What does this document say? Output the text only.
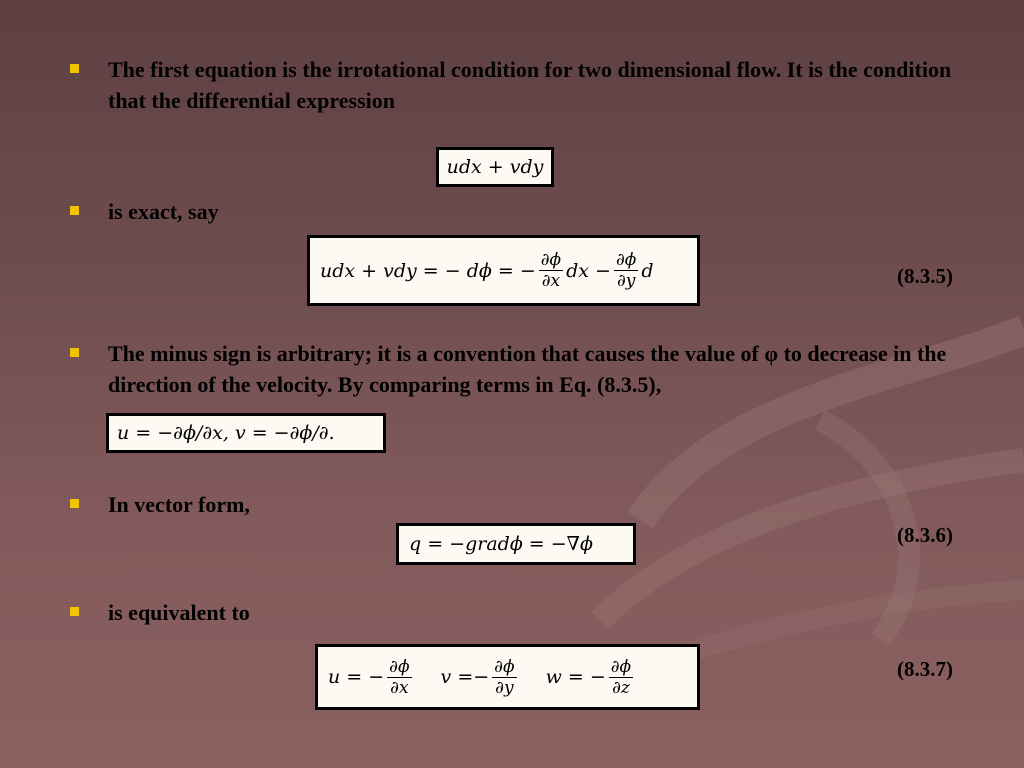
The first equation is the irrotational condition for two dimensional flow. It is the condition that the differential expression
udx + vdy
is exact, say
udx + vdy = − dϕ = − $\frac{\partial\phi}{\partial x}$ dx − $\frac{\partial\phi}{\partial y}$ d	(8.3.5)
The minus sign is arbitrary; it is a convention that causes the value of φ to decrease in the direction of the velocity. By comparing terms in Eq. (8.3.5),
u = −∂ϕ/∂x, v = −∂ϕ/∂.
In vector form,
q = −gradϕ = −∇ϕ	(8.3.6)
is equivalent to
u = − $\frac{\partial\phi}{\partial x}$ $v =- \frac{\partial\phi}{\partial y}$ w = − $\frac{\partial\phi}{\partial z}$	(8.3.7)
